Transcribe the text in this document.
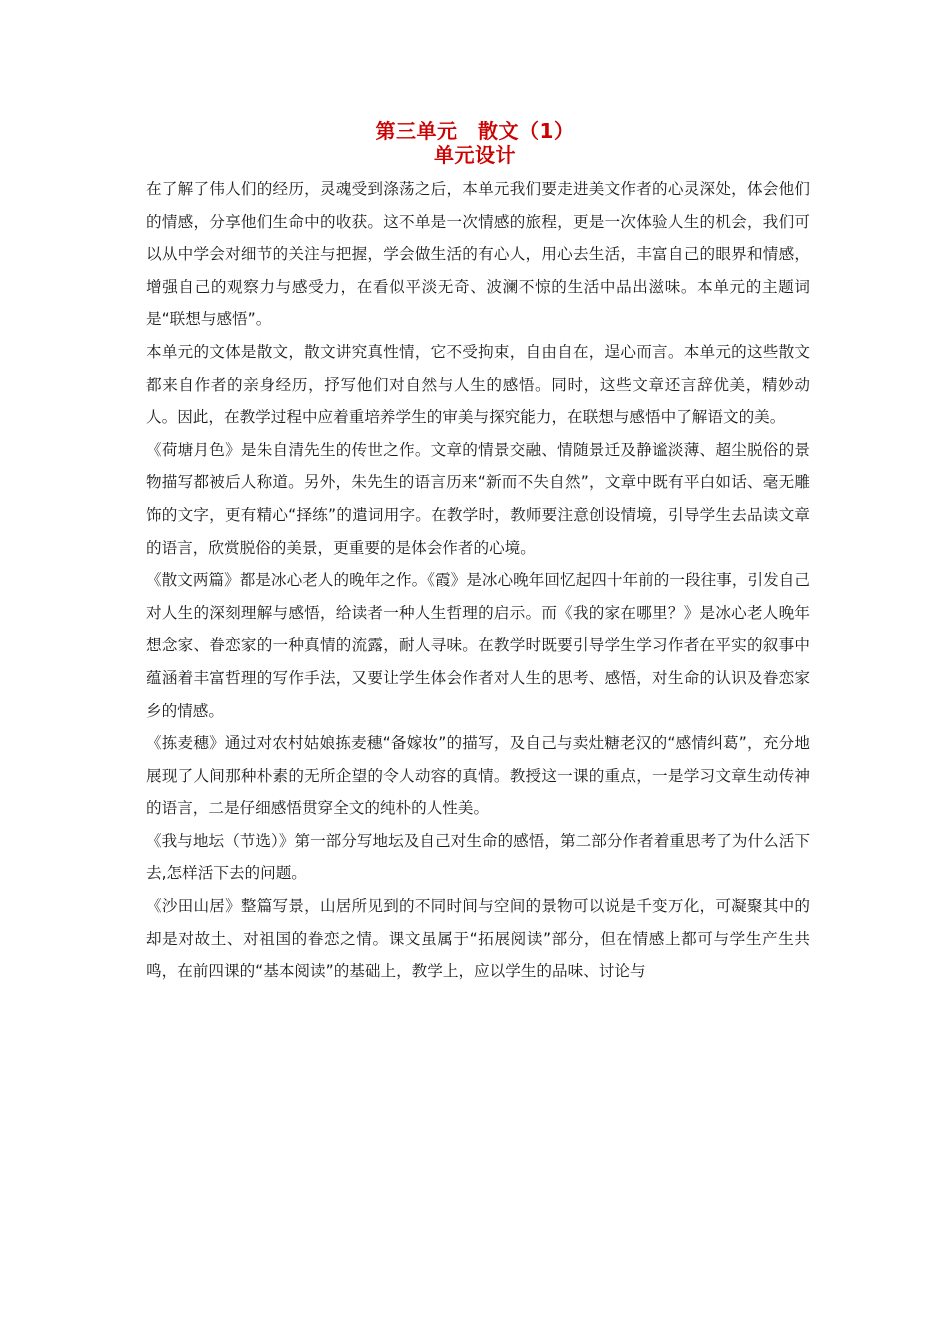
第三单元　散文（1）
单元设计

在了解了伟人们的经历，灵魂受到涤荡之后，本单元我们要走进美文作者的心灵深处，体会他们的情感，分享他们生命中的收获。这不单是一次情感的旅程，更是一次体验人生的机会，我们可以从中学会对细节的关注与把握，学会做生活的有心人，用心去生活，丰富自己的眼界和情感，增强自己的观察力与感受力，在看似平淡无奇、波澜不惊的生活中品出滋味。本单元的主题词是“联想与感悟”。

本单元的文体是散文，散文讲究真性情，它不受拘束，自由自在，逞心而言。本单元的这些散文都来自作者的亲身经历，抒写他们对自然与人生的感悟。同时，这些文章还言辞优美，精妙动人。因此，在教学过程中应着重培养学生的审美与探究能力，在联想与感悟中了解语文的美。

《荷塘月色》是朱自清先生的传世之作。文章的情景交融、情随景迁及静谧淡薄、超尘脱俗的景物描写都被后人称道。另外，朱先生的语言历来“新而不失自然”，文章中既有平白如话、毫无雕饰的文字，更有精心“择练”的遣词用字。在教学时，教师要注意创设情境，引导学生去品读文章的语言，欣赏脱俗的美景，更重要的是体会作者的心境。

《散文两篇》都是冰心老人的晚年之作。《霞》是冰心晚年回忆起四十年前的一段往事，引发自己对人生的深刻理解与感悟，给读者一种人生哲理的启示。而《我的家在哪里？》是冰心老人晚年想念家、眷恋家的一种真情的流露，耐人寻味。在教学时既要引导学生学习作者在平实的叙事中蕴涵着丰富哲理的写作手法，又要让学生体会作者对人生的思考、感悟，对生命的认识及眷恋家乡的情感。

《拣麦穗》通过对农村姑娘拣麦穗“备嫁妆”的描写，及自己与卖灶糖老汉的“感情纠葛”，充分地展现了人间那种朴素的无所企望的令人动容的真情。教授这一课的重点，一是学习文章生动传神的语言，二是仔细感悟贯穿全文的纯朴的人性美。

《我与地坛（节选）》第一部分写地坛及自己对生命的感悟，第二部分作者着重思考了为什么活下去,怎样活下去的问题。

《沙田山居》整篇写景，山居所见到的不同时间与空间的景物可以说是千变万化，可凝聚其中的却是对故土、对祖国的眷恋之情。课文虽属于“拓展阅读”部分，但在情感上都可与学生产生共鸣，在前四课的“基本阅读”的基础上，教学上，应以学生的品味、讨论与
